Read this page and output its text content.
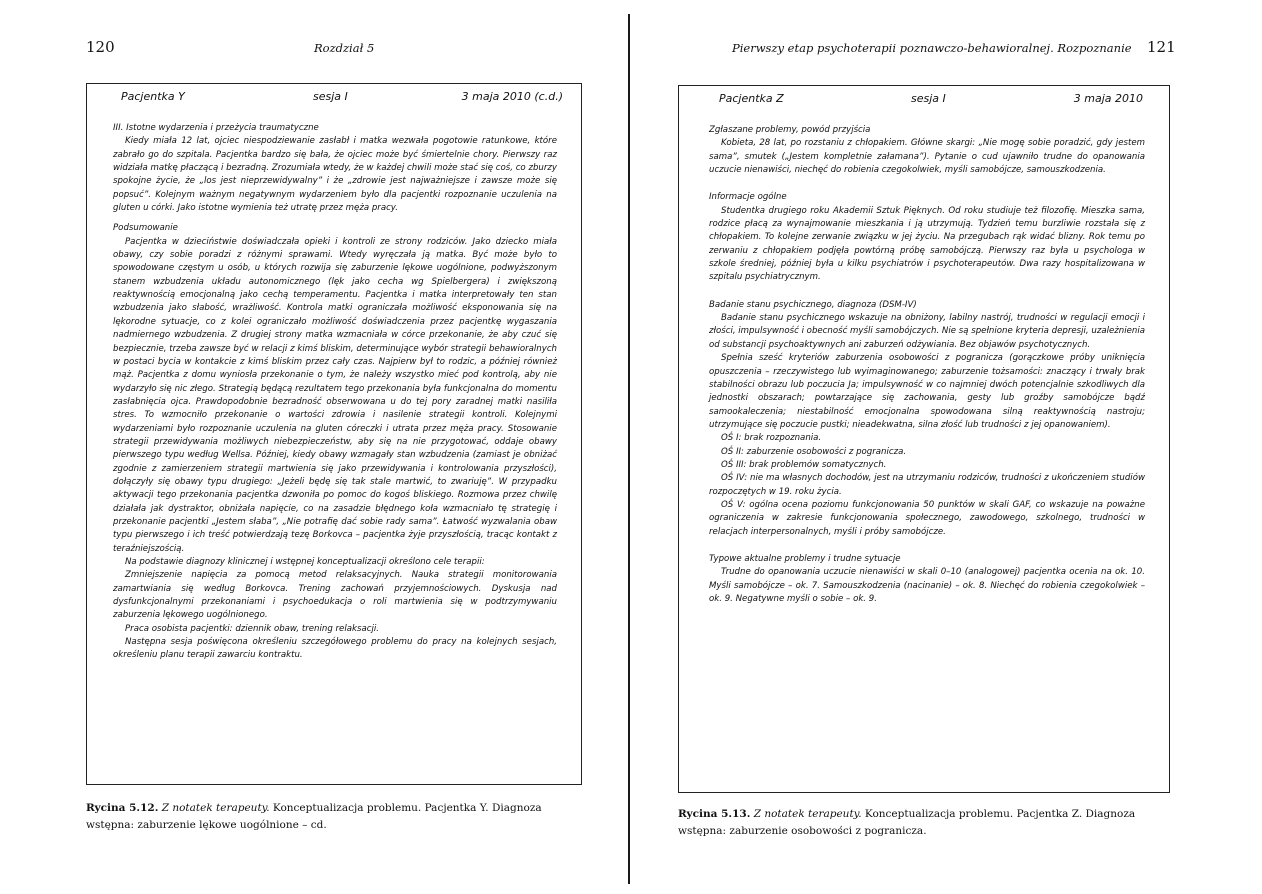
120	Rozdział 5
Pacjentka Y	sesja I	3 maja 2010 (c.d.)
III. Istotne wydarzenia i przeżycia traumatyczne

Kiedy miała 12 lat, ojciec niespodziewanie zasłabł i matka wezwała pogotowie ratunkowe, które zabrało go do szpitala. Pacjentka bardzo się bała, że ojciec może być śmiertelnie chory. Pierwszy raz widziała matkę płaczącą i bezradną. Zrozumiała wtedy, że w każdej chwili może stać się coś, co zburzy spokojne życie, że „los jest nieprzewidywalny” i że „zdrowie jest najważniejsze i zawsze może się popsuć”. Kolejnym ważnym negatywnym wydarzeniem było dla pacjentki rozpoznanie uczulenia na gluten u córki. Jako istotne wymienia też utratę przez męża pracy.

Podsumowanie

Pacjentka w dzieciństwie doświadczała opieki i kontroli ze strony rodziców. Jako dziecko miała obawy, czy sobie poradzi z różnymi sprawami. Wtedy wyręczała ją matka. Być może było to spowodowane częstym u osób, u których rozwija się zaburzenie lękowe uogólnione, podwyższonym stanem wzbudzenia układu autonomicznego (lęk jako cecha wg Spielbergera) i zwiększoną reaktywnością emocjonalną jako cechą temperamentu. Pacjentka i matka interpretowały ten stan wzbudzenia jako słabość, wrażliwość. Kontrola matki ograniczała możliwość eksponowania się na lękorodne sytuacje, co z kolei ograniczało możliwość doświadczenia przez pacjentkę wygaszania nadmiernego wzbudzenia. Z drugiej strony matka wzmacniała w córce przekonanie, że aby czuć się bezpiecznie, trzeba zawsze być w relacji z kimś bliskim, determinujące wybór strategii behawioralnych w postaci bycia w kontakcie z kimś bliskim przez cały czas. Najpierw był to rodzic, a później również mąż. Pacjentka z domu wyniosła przekonanie o tym, że należy wszystko mieć pod kontrolą, aby nie wydarzyło się nic złego. Strategią będącą rezultatem tego przekonania była funkcjonalna do momentu zasłabnięcia ojca. Prawdopodobnie bezradność obserwowana u do tej pory zaradnej matki nasiliła stres. To wzmocniło przekonanie o wartości zdrowia i nasilenie strategii kontroli. Kolejnymi wydarzeniami było rozpoznanie uczulenia na gluten córeczki i utrata przez męża pracy. Stosowanie strategii przewidywania możliwych niebezpieczeństw, aby się na nie przygotować, oddaje obawy pierwszego typu według Wellsa. Później, kiedy obawy wzmagały stan wzbudzenia (zamiast je obniżać zgodnie z zamierzeniem strategii martwienia się jako przewidywania i kontrolowania przyszłości), dołączyły się obawy typu drugiego: „Jeżeli będę się tak stale martwić, to zwariuję”. W przypadku aktywacji tego przekonania pacjentka dzwoniła po pomoc do kogoś bliskiego. Rozmowa przez chwilę działała jak dystraktor, obniżała napięcie, co na zasadzie błędnego koła wzmacniało tę strategię i przekonanie pacjentki „Jestem słaba”, „Nie potrafię dać sobie rady sama”. Łatwość wyzwalania obaw typu pierwszego i ich treść potwierdzają tezę Borkovca – pacjentka żyje przyszłością, tracąc kontakt z teraźniejszością.

Na podstawie diagnozy klinicznej i wstępnej konceptualizacji określono cele terapii:

Zmniejszenie napięcia za pomocą metod relaksacyjnych. Nauka strategii monitorowania zamartwiania się według Borkovca. Trening zachowań przyjemnościowych. Dyskusja nad dysfunkcjonalnymi przekonaniami i psychoedukacja o roli martwienia się w podtrzymywaniu zaburzenia lękowego uogólnionego.

Praca osobista pacjentki: dziennik obaw, trening relaksacji.

Następna sesja poświęcona określeniu szczegółowego problemu do pracy na kolejnych sesjach, określeniu planu terapii zawarciu kontraktu.

Rycina 5.12. Z notatek terapeuty. Konceptualizacja problemu. Pacjentka Y. Diagnoza wstępna: zaburzenie lękowe uogólnione – cd.
Pierwszy etap psychoterapii poznawczo-behawioralnej. Rozpoznanie 121
Pacjentka Z	sesja I	3 maja 2010
Zgłaszane problemy, powód przyjścia

Kobieta, 28 lat, po rozstaniu z chłopakiem. Główne skargi: „Nie mogę sobie poradzić, gdy jestem sama”, smutek („Jestem kompletnie załamana”). Pytanie o cud ujawniło trudne do opanowania uczucie nienawiści, niechęć do robienia czegokolwiek, myśli samobójcze, samouszkodzenia.

Informacje ogólne

Studentka drugiego roku Akademii Sztuk Pięknych. Od roku studiuje też filozofię. Mieszka sama, rodzice płacą za wynajmowanie mieszkania i ją utrzymują. Tydzień temu burzliwie rozstała się z chłopakiem. To kolejne zerwanie związku w jej życiu. Na przegubach rąk widać blizny. Rok temu po zerwaniu z chłopakiem podjęła powtórną próbę samobójczą. Pierwszy raz była u psychologa w szkole średniej, później była u kilku psychiatrów i psychoterapeutów. Dwa razy hospitalizowana w szpitalu psychiatrycznym.

Badanie stanu psychicznego, diagnoza (DSM-IV)

Badanie stanu psychicznego wskazuje na obniżony, labilny nastrój, trudności w regulacji emocji i złości, impulsywność i obecność myśli samobójczych. Nie są spełnione kryteria depresji, uzależnienia od substancji psychoaktywnych ani zaburzeń odżywiania. Bez objawów psychotycznych.

Spełnia sześć kryteriów zaburzenia osobowości z pogranicza (gorączkowe próby uniknięcia opuszczenia – rzeczywistego lub wyimaginowanego; zaburzenie tożsamości: znaczący i trwały brak stabilności obrazu lub poczucia Ja; impulsywność w co najmniej dwóch potencjalnie szkodliwych dla jednostki obszarach; powtarzające się zachowania, gesty lub groźby samobójcze bądź samookaleczenia; niestabilność emocjonalna spowodowana silną reaktywnością nastroju; utrzymujące się poczucie pustki; nieadekwatna, silna złość lub trudności z jej opanowaniem).

OŚ I: brak rozpoznania.

OŚ II: zaburzenie osobowości z pogranicza.

OŚ III: brak problemów somatycznych.

OŚ IV: nie ma własnych dochodów, jest na utrzymaniu rodziców, trudności z ukończeniem studiów rozpoczętych w 19. roku życia.

OŚ V: ogólna ocena poziomu funkcjonowania 50 punktów w skali GAF, co wskazuje na poważne ograniczenia w zakresie funkcjonowania społecznego, zawodowego, szkolnego, trudności w relacjach interpersonalnych, myśli i próby samobójcze.

Typowe aktualne problemy i trudne sytuacje

Trudne do opanowania uczucie nienawiści w skali 0–10 (analogowej) pacjentka ocenia na ok. 10. Myśli samobójcze – ok. 7. Samouszkodzenia (nacinanie) – ok. 8. Niechęć do robienia czegokolwiek – ok. 9. Negatywne myśli o sobie – ok. 9.

Rycina 5.13. Z notatek terapeuty. Konceptualizacja problemu. Pacjentka Z. Diagnoza wstępna: zaburzenie osobowości z pogranicza.
